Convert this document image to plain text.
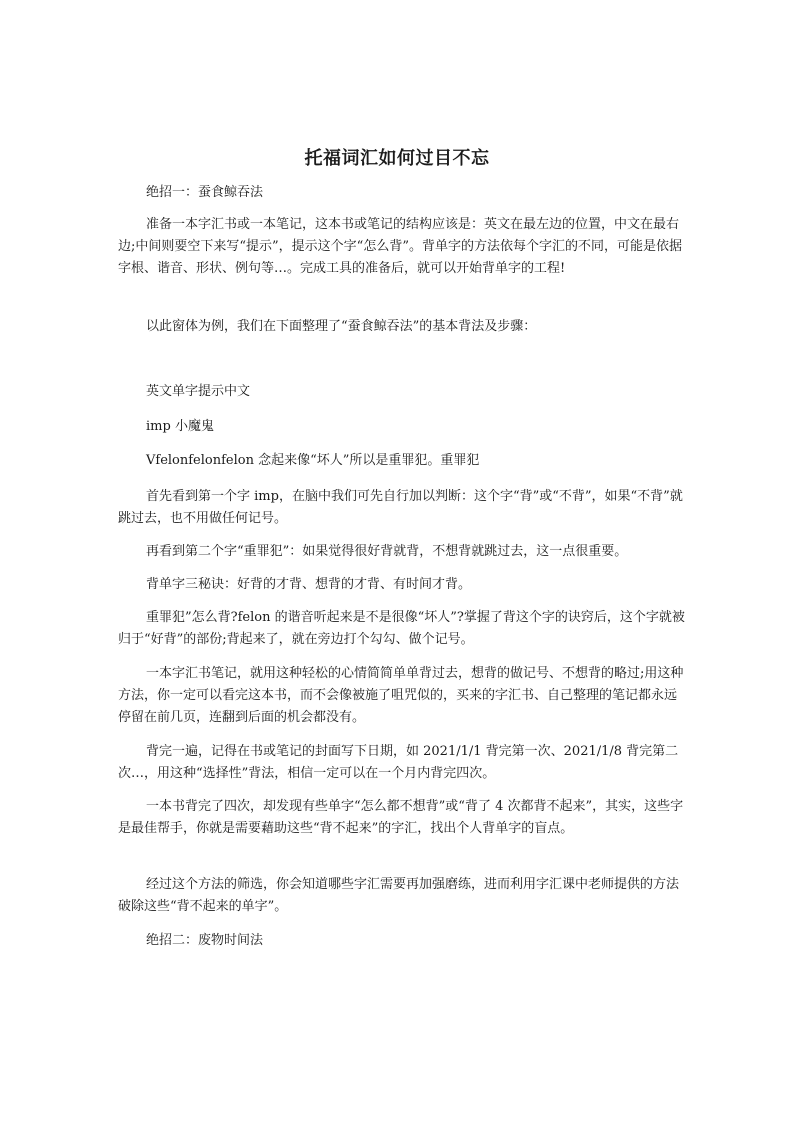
托福词汇如何过目不忘

绝招一：蚕食鲸吞法

准备一本字汇书或一本笔记，这本书或笔记的结构应该是：英文在最左边的位置，中文在最右边;中间则要空下来写“提示”，提示这个字“怎么背”。背单字的方法依每个字汇的不同，可能是依据字根、谐音、形状、例句等…。完成工具的准备后，就可以开始背单字的工程!

以此窗体为例，我们在下面整理了“蚕食鲸吞法”的基本背法及步骤：

英文单字提示中文

imp 小魔鬼

Vfelonfelonfelon 念起来像“坏人”所以是重罪犯。重罪犯

首先看到第一个字 imp，在脑中我们可先自行加以判断：这个字“背”或“不背”，如果“不背”就跳过去，也不用做任何记号。

再看到第二个字“重罪犯”：如果觉得很好背就背，不想背就跳过去，这一点很重要。

背单字三秘诀：好背的才背、想背的才背、有时间才背。

重罪犯”怎么背?felon 的谐音听起来是不是很像“坏人”?掌握了背这个字的诀窍后，这个字就被归于“好背”的部份;背起来了，就在旁边打个勾勾、做个记号。

一本字汇书笔记，就用这种轻松的心情简简单单背过去，想背的做记号、不想背的略过;用这种方法，你一定可以看完这本书，而不会像被施了咀咒似的，买来的字汇书、自己整理的笔记都永远停留在前几页，连翻到后面的机会都没有。

背完一遍，记得在书或笔记的封面写下日期，如 2021/1/1 背完第一次、2021/1/8 背完第二次…，用这种“选择性”背法，相信一定可以在一个月内背完四次。

一本书背完了四次，却发现有些单字“怎么都不想背”或“背了 4 次都背不起来”，其实，这些字是最佳帮手，你就是需要藉助这些“背不起来”的字汇，找出个人背单字的盲点。

经过这个方法的筛选，你会知道哪些字汇需要再加强磨练，进而利用字汇课中老师提供的方法破除这些“背不起来的单字”。

绝招二：废物时间法
